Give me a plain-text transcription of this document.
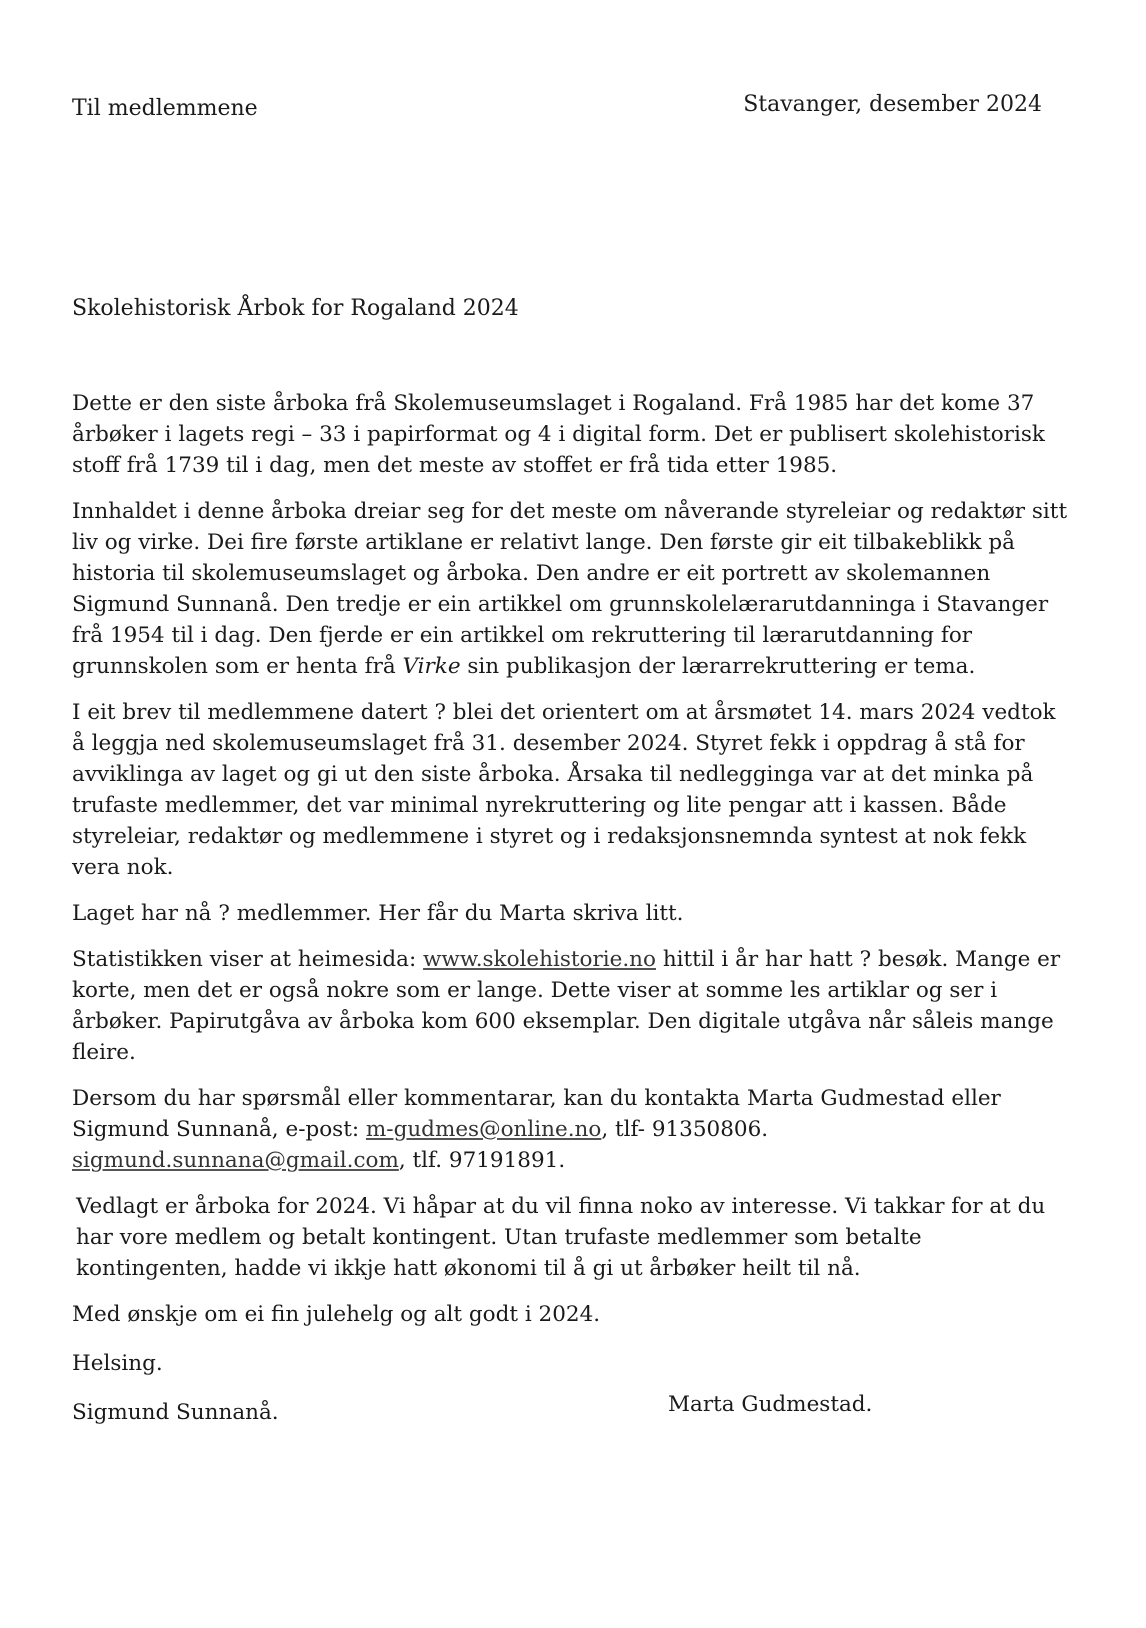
Til medlemmene	Stavanger, desember 2024
Skolehistorisk Årbok for Rogaland 2024

Dette er den siste årboka frå Skolemuseumslaget i Rogaland. Frå 1985 har det kome 37 årbøker i lagets regi – 33 i papirformat og 4 i digital form. Det er publisert skolehistorisk stoff frå 1739 til i dag, men det meste av stoffet er frå tida etter 1985.

Innhaldet i denne årboka dreiar seg for det meste om nåverande styreleiar og redaktør sitt liv og virke. Dei fire første artiklane er relativt lange. Den første gir eit tilbakeblikk på historia til skolemuseumslaget og årboka. Den andre er eit portrett av skolemannen Sigmund Sunnanå. Den tredje er ein artikkel om grunnskolelærarutdanninga i Stavanger frå 1954 til i dag. Den fjerde er ein artikkel om rekruttering til lærarutdanning for grunnskolen som er henta frå Virke sin publikasjon der lærarrekruttering er tema.

I eit brev til medlemmene datert ? blei det orientert om at årsmøtet 14. mars 2024 vedtok å leggja ned skolemuseumslaget frå 31. desember 2024. Styret fekk i oppdrag å stå for avviklinga av laget og gi ut den siste årboka. Årsaka til nedlegginga var at det minka på trufaste medlemmer, det var minimal nyrekruttering og lite pengar att i kassen. Både styreleiar, redaktør og medlemmene i styret og i redaksjonsnemnda syntest at nok fekk vera nok.

Laget har nå ? medlemmer. Her får du Marta skriva litt.

Statistikken viser at heimesida: www.skolehistorie.no hittil i år har hatt ? besøk. Mange er korte, men det er også nokre som er lange. Dette viser at somme les artiklar og ser i årbøker. Papirutgåva av årboka kom 600 eksemplar. Den digitale utgåva når såleis mange fleire.

Dersom du har spørsmål eller kommentarar, kan du kontakta Marta Gudmestad eller Sigmund Sunnanå, e-post: m-gudmes@online.no, tlf- 91350806.
sigmund.sunnana@gmail.com, tlf. 97191891.

Vedlagt er årboka for 2024. Vi håpar at du vil finna noko av interesse. Vi takkar for at du har vore medlem og betalt kontingent. Utan trufaste medlemmer som betalte kontingenten, hadde vi ikkje hatt økonomi til å gi ut årbøker heilt til nå.

Med ønskje om ei fin julehelg og alt godt i 2024.

Helsing.

Sigmund Sunnanå.	Marta Gudmestad.
